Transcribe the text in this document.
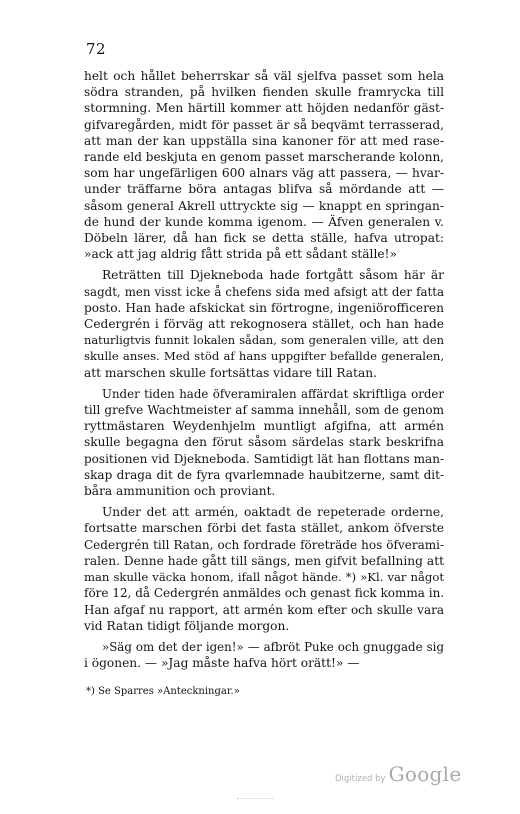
72

helt och hållet beherrskar så väl sjelfva passet som hela
södra stranden, på hvilken fienden skulle framrycka till
stormning. Men härtill kommer att höjden nedanför gäst-
gifvaregården, midt för passet är så beqvämt terrasserad,
att man der kan uppställa sina kanoner för att med rase-
rande eld beskjuta en genom passet marscherande kolonn,
som har ungefärligen 600 alnars väg att passera, — hvar-
under träffarne böra antagas blifva så mördande att —
såsom general Akrell uttryckte sig — knappt en springan-
de hund der kunde komma igenom. — Äfven generalen v.
Döbeln lärer, då han fick se detta ställe, hafva utropat:
»ack att jag aldrig fått strida på ett sådant ställe!»

Reträtten till Djekneboda hade fortgått såsom här är
sagdt, men visst icke å chefens sida med afsigt att der fatta
posto. Han hade afskickat sin förtrogne, ingeniörofficeren
Cedergrén i förväg att rekognosera stället, och han hade
naturligtvis funnit lokalen sådan, som generalen ville, att den
skulle anses. Med stöd af hans uppgifter befallde generalen,
att marschen skulle fortsättas vidare till Ratan.

Under tiden hade öfveramiralen affärdat skriftliga order
till grefve Wachtmeister af samma innehåll, som de genom
ryttmästaren Weydenhjelm muntligt afgifna, att armén
skulle begagna den förut såsom särdelas stark beskrifna
positionen vid Djekneboda. Samtidigt lät han flottans man-
skap draga dit de fyra qvarlemnade haubitzerne, samt dit-
båra ammunition och proviant.

Under det att armén, oaktadt de repeterade orderne,
fortsatte marschen förbi det fasta stället, ankom öfverste
Cedergrén till Ratan, och fordrade företräde hos öfverami-
ralen. Denne hade gått till sängs, men gifvit befallning att
man skulle väcka honom, ifall något hände. *) »Kl. var något
före 12, då Cedergrén anmäldes och genast fick komma in.
Han afgaf nu rapport, att armén kom efter och skulle vara
vid Ratan tidigt följande morgon.

»Säg om det der igen!» — afbröt Puke och gnuggade sig
i ögonen. — »Jag måste hafva hört orätt!» —

*) Se Sparres »Anteckningar.»
Digitized by Google
